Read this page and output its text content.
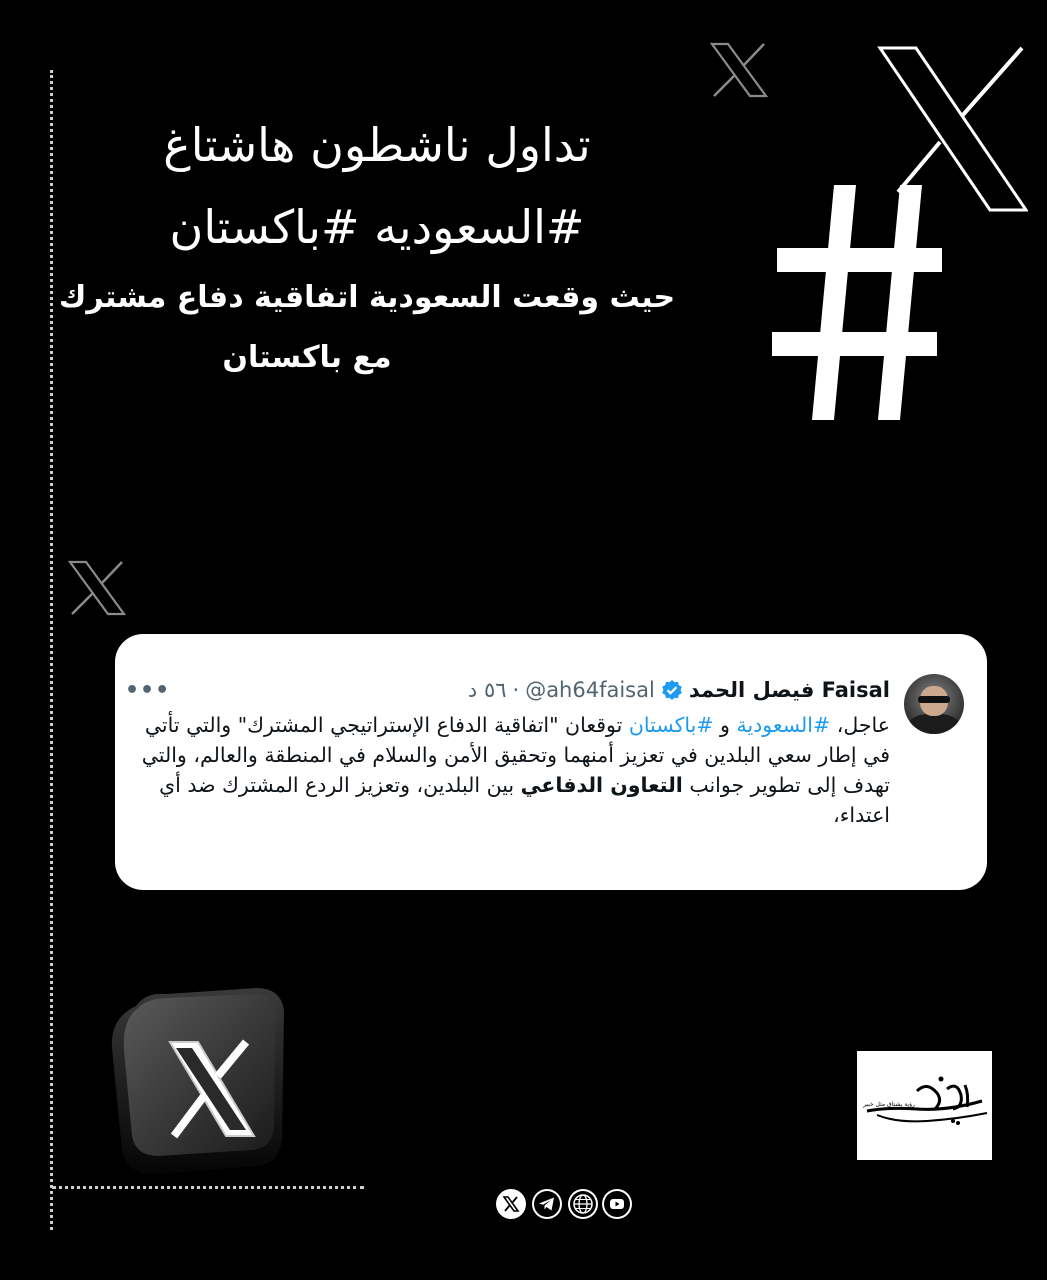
تداول ناشطون هاشتاغ
#السعوديه #باكستان
حيث وقعت السعودية اتفاقية دفاع مشترك
مع باكستان
Faisal فيصل الحمد
@ah64faisal
·
٥٦ د
•••
عاجل، #السعودية و #باكستان توقعان "اتفاقية الدفاع الإستراتيجي المشترك" والتي تأتي في إطار سعي البلدين في تعزيز أمنهما وتحقيق الأمن والسلام في المنطقة والعالم، والتي تهدف إلى تطوير جوانب التعاون الدفاعي بين البلدين، وتعزيز الردع المشترك ضد أي اعتداء،
رؤية يشتاق مثل خبير
